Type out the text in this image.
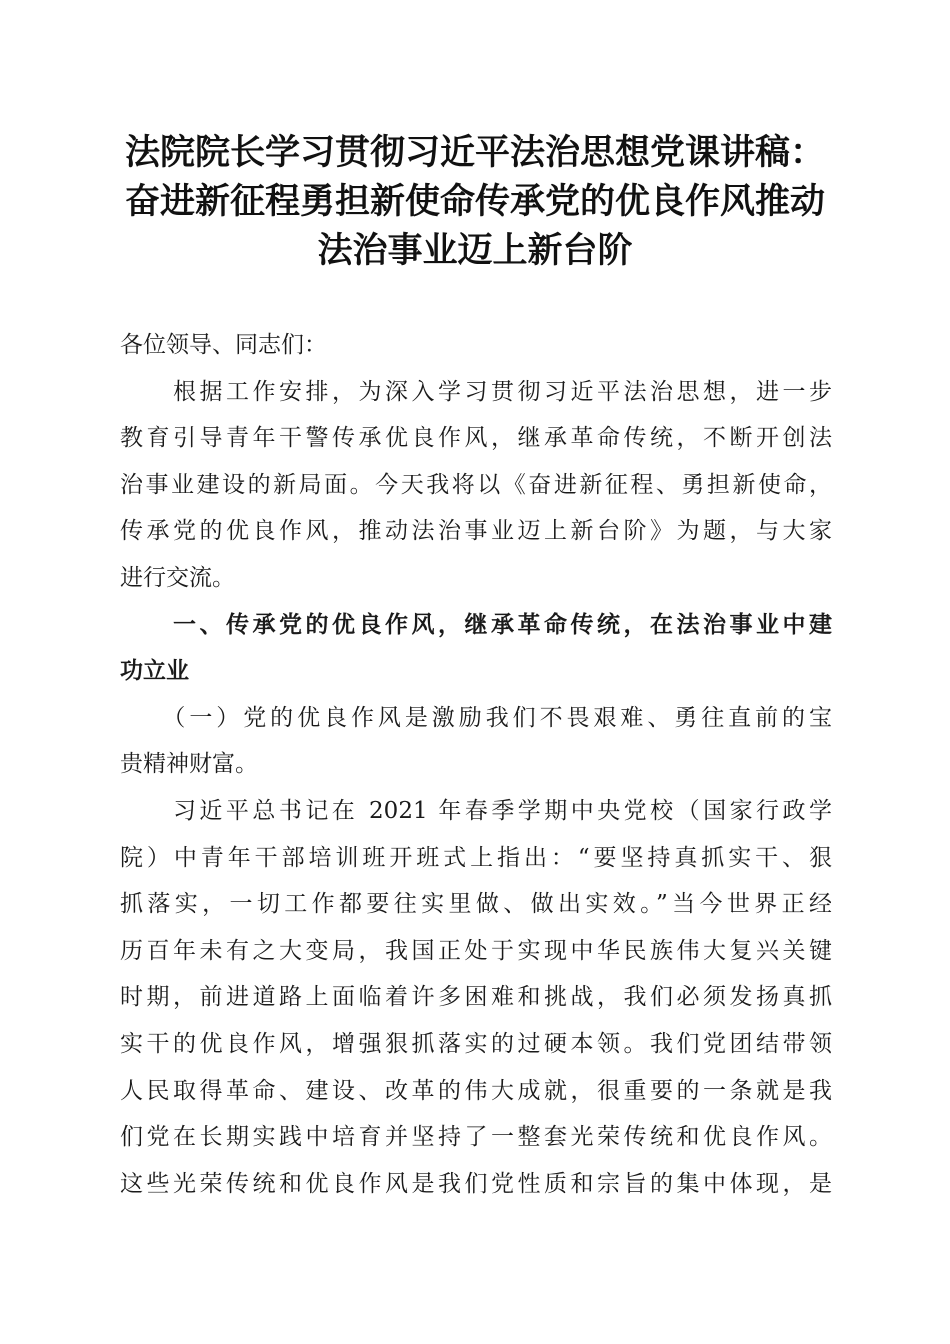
法院院长学习贯彻习近平法治思想党课讲稿：
奋进新征程勇担新使命传承党的优良作风推动
法治事业迈上新台阶
各位领导、同志们：
　　根据工作安排，为深入学习贯彻习近平法治思想，进一步
教育引导青年干警传承优良作风，继承革命传统，不断开创法
治事业建设的新局面。今天我将以《奋进新征程、勇担新使命，
传承党的优良作风，推动法治事业迈上新台阶》为题，与大家
进行交流。
　　一、传承党的优良作风，继承革命传统，在法治事业中建
功立业
　　（一）党的优良作风是激励我们不畏艰难、勇往直前的宝
贵精神财富。
　　习近平总书记在 2021 年春季学期中央党校（国家行政学
院）中青年干部培训班开班式上指出：“要坚持真抓实干、狠
抓落实，一切工作都要往实里做、做出实效。”当今世界正经
历百年未有之大变局，我国正处于实现中华民族伟大复兴关键
时期，前进道路上面临着许多困难和挑战，我们必须发扬真抓
实干的优良作风，增强狠抓落实的过硬本领。我们党团结带领
人民取得革命、建设、改革的伟大成就，很重要的一条就是我
们党在长期实践中培育并坚持了一整套光荣传统和优良作风。
这些光荣传统和优良作风是我们党性质和宗旨的集中体现，是
